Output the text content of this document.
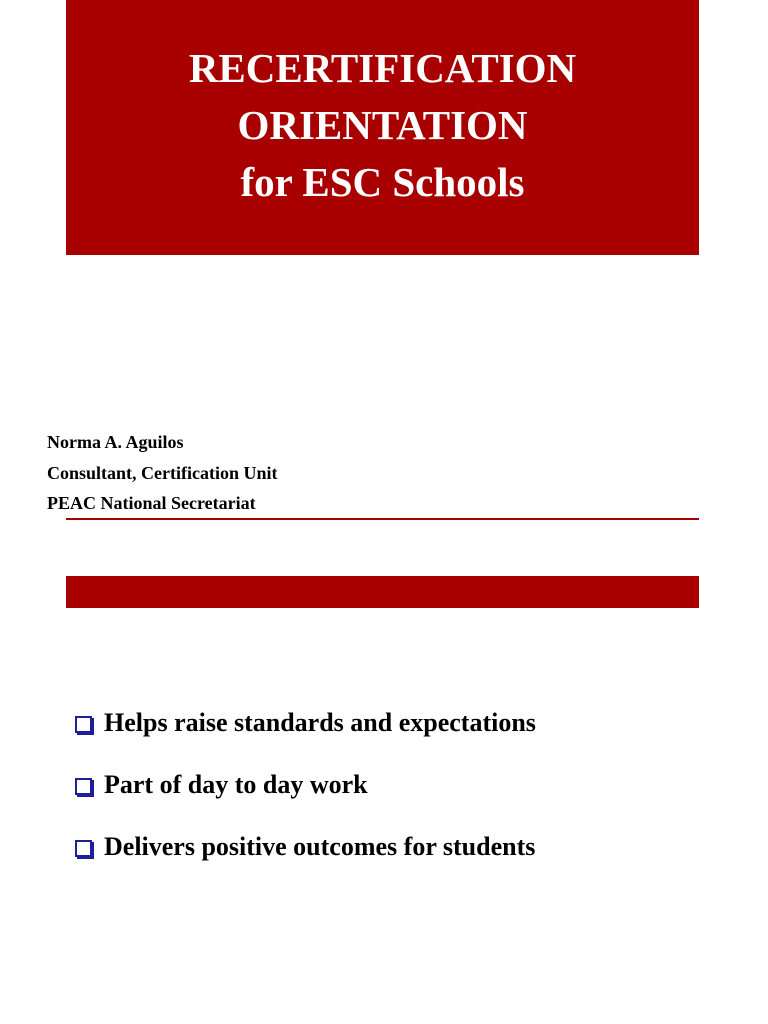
RECERTIFICATION
ORIENTATION
for ESC Schools
Norma A. Aguilos
Consultant, Certification Unit
PEAC National Secretariat
Helps raise standards and expectations
Part of day to day work
Delivers positive outcomes for students
